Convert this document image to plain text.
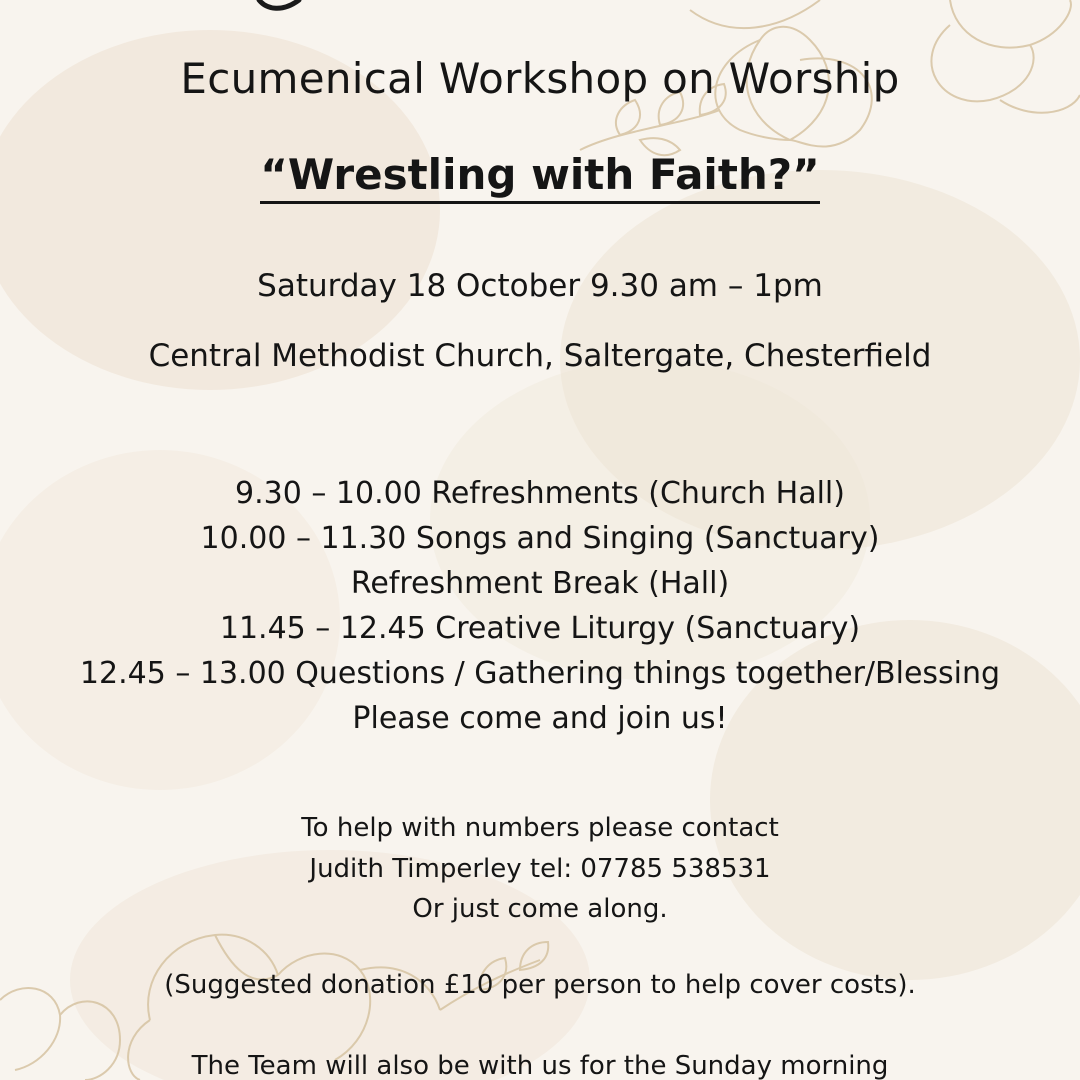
Ecumenical Workshop on Worship
“Wrestling with Faith?”
Saturday 18 October 9.30 am – 1pm
Central Methodist Church, Saltergate, Chesterfield
9.30 – 10.00 Refreshments (Church Hall)
10.00 – 11.30 Songs and Singing (Sanctuary)
Refreshment Break (Hall)
11.45 – 12.45 Creative Liturgy (Sanctuary)
12.45 – 13.00 Questions / Gathering things together/Blessing
Please come and join us!
To help with numbers please contact
Judith Timperley tel: 07785 538531
Or just come along.
(Suggested donation £10 per person to help cover costs).
The Team will also be with us for the Sunday morning
